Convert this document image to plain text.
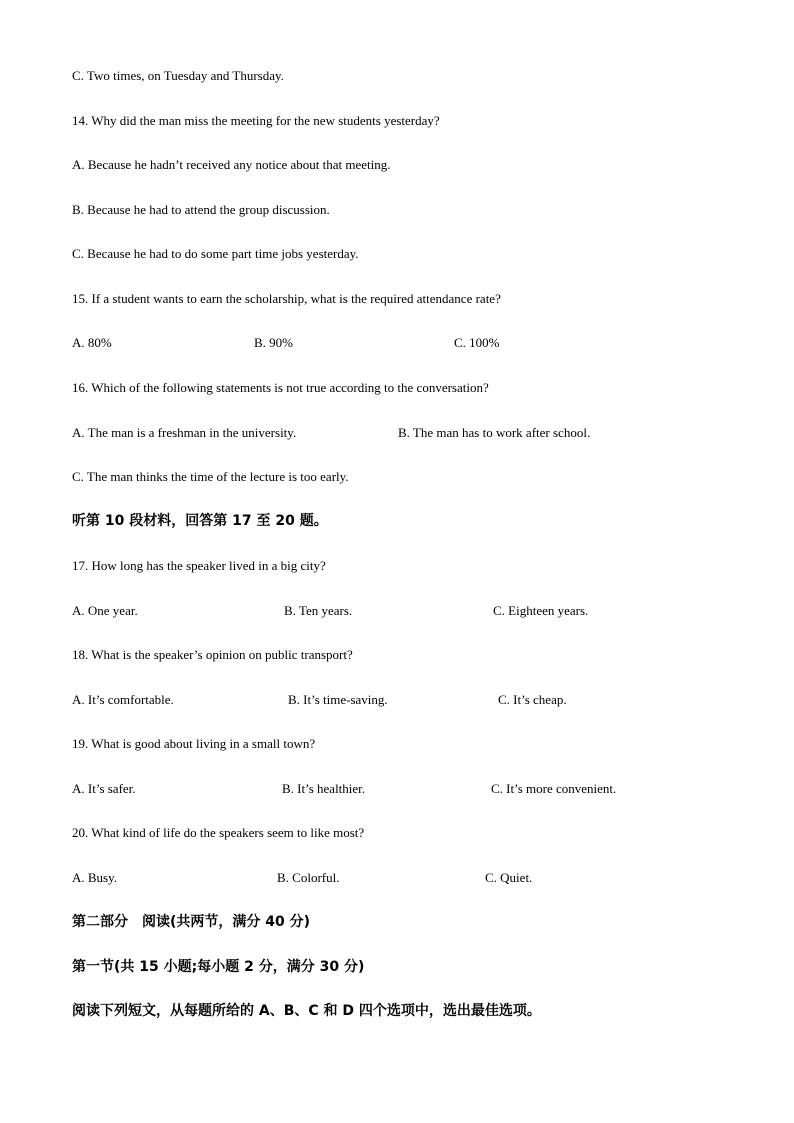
C. Two times, on Tuesday and Thursday.
14. Why did the man miss the meeting for the new students yesterday?
A. Because he hadn’t received any notice about that meeting.
B. Because he had to attend the group discussion.
C. Because he had to do some part time jobs yesterday.
15. If a student wants to earn the scholarship, what is the required attendance rate?
A. 80%	B. 90%	C. 100%
16. Which of the following statements is not true according to the conversation?
A. The man is a freshman in the university.	B. The man has to work after school.
C. The man thinks the time of the lecture is too early.
听第 10 段材料，回答第 17 至 20 题。
17. How long has the speaker lived in a big city?
A. One year.	B. Ten years.	C. Eighteen years.
18. What is the speaker’s opinion on public transport?
A. It’s comfortable.	B. It’s time-saving.	C. It’s cheap.
19. What is good about living in a small town?
A. It’s safer.	B. It’s healthier.	C. It’s more convenient.
20. What kind of life do the speakers seem to like most?
A. Busy.	B. Colorful.	C. Quiet.
第二部分　阅读(共两节，满分 40 分)
第一节(共 15 小题;每小题 2 分，满分 30 分)
阅读下列短文，从每题所给的 A、B、C 和 D 四个选项中，选出最佳选项。
